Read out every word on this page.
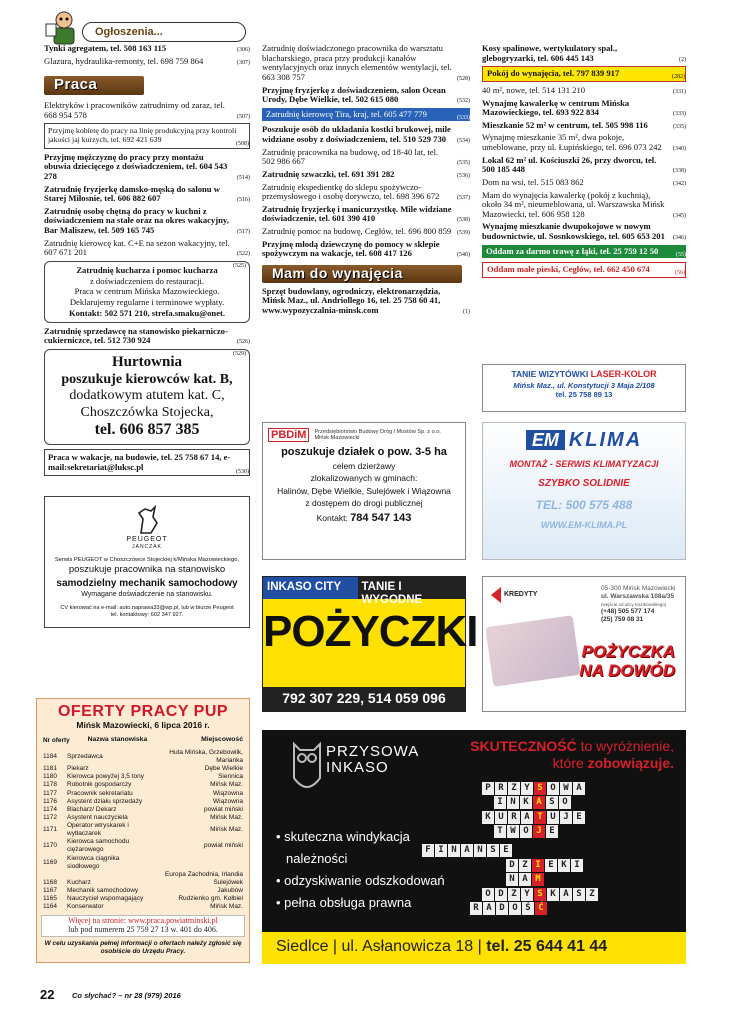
Ogłoszenia...
Tynki agregatem, tel. 508 163 115	(306)
Glazura, hydraulika-remonty, tel. 698 759 864	(307)
Praca
Elektryków i pracowników zatrudnimy od zaraz, tel. 668 954 578	(507)
Przyjmę kobietę do pracy na linię produkcyjną przy kontroli jakości jaj kurzych, tel. 692 421 639	(508)
Przyjmę mężczyznę do pracy przy montażu obuwia dziecięcego z doświadczeniem, tel. 604 543 278	(514)
Zatrudnię fryzjerkę damsko-męską do salonu w Starej Miłosnie, tel. 606 882 607	(516)
Zatrudnię osobę chętną do pracy w kuchni z doświadczeniem na stałe oraz na okres wakacyjny, Bar Maliszew, tel. 509 165 745	(517)
Zatrudnię kierowcę kat. C+E na sezon wakacyjny, tel. 607 671 201	(522)
(525)
Zatrudnię kucharza i pomoc kucharza
z doświadczeniem do restauracji.
Praca w centrum Mińska Mazowieckiego.
Deklarujemy regularne i terminowe wypłaty.
Kontakt: 502 571 210, strefa.smaku@onet.
Zatrudnię sprzedawcę na stanowisko piekarniczo-cukierniczce, tel. 512 730 924	(526)
(529)
Hurtownia
poszukuje kierowców kat. B,
dodatkowym atutem kat. C,
Choszczówka Stojecka,
tel. 606 857 385
Praca w wakacje, na budowie, tel. 25 758 67 14, e-mail:sekretariat@luksc.pl	(530)
PEUGEOT
JANCZAK
Serwis PEUGEOT w Choszczówce Stojeckiej k/Mińska Mazowieckiego,
poszukuje pracownika na stanowisko
samodzielny mechanik samochodowy
Wymagane doświadczenie na stanowisku.
CV kierować na e-mail: auto.naprawa33@wp.pl, lub w biurze Peugeot
tel. kontaktowy: 602 347 927.
OFERTY PRACY PUP
Mińsk Mazowiecki, 6 lipca 2016 r.
Nr oferty	Nazwa stanowiska	Miejscowość

1184	Sprzedawca	Huta Mińska, Grzebowilk, Marianka
1181	Piekarz	Dębe Wielkie
1180	Kierowca powyżej 3,5 tony	Siennica
1178	Robotnik gospodarczy	Mińsk Maz.
1177	Pracownik sekretariatu	Wiązowna
1176	Asystent działu sprzedaży	Wiązowna
1174	Blacharz/ Dekarz	powiat miński
1172	Asystent nauczyciela	Mińsk Maz.
1171	Operator wtryskarek i wytłaczarek	Mińsk Maz.
1170	Kierowca samochodu ciężarowego	powiat miński
1169	Kierowca ciągnika siodłowego	
		Europa Zachodnia, Irlandia
1168	Kucharz	Sulejówek
1167	Mechanik samochodowy	Jakubów
1165	Nauczyciel wspomagający	Rudzienko gm. Kołbiel
1164	Konserwator	Mińsk Maz.
Więcej na stronie: www.praca.powiatminski.pl
lub pod numerem 25 759 27 13 w. 401 do 406.
W celu uzyskania pełnej informacji o ofertach należy zgłosić się osobiście do Urzędu Pracy.
Zatrudnię doświadczonego pracownika do warsztatu blacharskiego, praca przy produkcji kanałów wentylacyjnych oraz innych elementów wentylacji, tel. 663 308 757	(528)
Przyjmę fryzjerkę z doświadczeniem, salon Ocean Urody, Dębe Wielkie, tel. 502 615 080	(532)
Zatrudnię kierowcę Tira, kraj, tel. 605 477 779	(533)
Poszukuje osób do układania kostki brukowej, mile widziane osoby z doświadczeniem, tel. 510 529 730 (534)
Zatrudnię pracownika na budowę, od 18-40 lat, tel. 502 986 667	(535)
Zatrudnię szwaczki, tel. 691 391 282	(536)
Zatrudnię ekspedientkę do sklepu spożywczo-przemysłowego i osobę dorywczo, tel. 698 396 672	(537)
Zatrudnię fryzjerkę i manicurzystkę. Mile widziane doświadczenie, tel. 601 390 410	(538)
Zatrudnię pomoc na budowę, Cegłów, tel. 696 800 859 (539)
Przyjmę młodą dziewczynę do pomocy w sklepie spożywczym na wakacje, tel. 608 417 126	(540)
Mam do wynajęcia
Sprzęt budowlany, ogrodniczy, elektronarzędzia, Mińsk Maz., ul. Andriollego 16, tel. 25 758 60 41, www.wypozyczalnia-minsk.com	(1)
PBDiM	Przedsiębiorstwo Budowy Dróg i Mostów Sp. z o.o. Mińsk Mazowiecki
poszukuje działek o pow. 3-5 ha
celem dzierżawy
zlokalizowanych w gminach:
Halinów, Dębe Wielkie, Sulejówek i Wiązowna
z dostępem do drogi publicznej
Kontakt: 784 547 143
INKASO CITY	TANIE I WYGODNE
POŻYCZKI
792 307 229, 514 059 096
Kosy spalinowe, wertykulatory spal., glebogryzarki, tel. 606 445 143	(2)
Pokój do wynajęcia, tel. 797 839 917	(282)
40 m², nowe, tel. 514 131 210	(331)
Wynajmę kawalerkę w centrum Mińska Mazowieckiego, tel. 693 922 834	(333)
Mieszkanie 52 m² w centrum, tel. 505 998 116	(335)
Wynajmę mieszkanie 35 m², dwa pokoje, umeblowane, przy ul. Łupińskiego, tel. 696 073 242 (340)
Lokal 62 m² ul. Kościuszki 26, przy dworcu, tel. 500 185 448	(338)
Dom na wsi, tel. 515 083 862	(342)
Mam do wynajęcia kawalerkę (pokój z kuchnią), około 34 m², nieumeblowana, ul. Warszawska Mińsk Mazowiecki, tel. 606 958 128	(345)
Wynajmę mieszkanie dwupokojowe w nowym budownictwie, ul. Sosnkowskiego, tel. 605 653 201 (346)
Oddam za darmo trawę z łąki, tel. 25 759 12 50	(55)
Oddam małe pieski, Cegłów, tel. 662 450 674	(56)
TANIE WIZYTÓWKI LASER-KOLOR
Mińsk Maz., ul. Konstytucji 3 Maja 2/108
tel. 25 758 89 13
EM KLIMA
MONTAŻ - SERWIS KLIMATYZACJI
SZYBKO SOLIDNIE
TEL: 500 575 488
WWW.EM-KLIMA.PL
KREDYTY
05-300 Mińsk Mazowiecki
ul. Warszawska 108a/35
(wejście od ulicy Kazikowskiego)
(+48) 505 577 174
(25) 759 08 31
POŻYCZKA
NA DOWÓD
PRZYSOWA
INKASO
SKUTECZNOŚĆ to wyróżnienie,
które zobowiązuje.
P R Z Y S O W A
I N K A S O
K U R A T U J E
T W O J E
F I N A N S E
D Z I E K I
N A M
O D Z Y S K A S Z
R A D O Ś Ć
• skuteczna windykacja
należności
• odzyskiwanie odszkodowań
• pełna obsługa prawna
Siedlce | ul. Asłanowicza 18 | tel. 25 644 41 44
22 Co słychać? – nr 28 (979) 2016
